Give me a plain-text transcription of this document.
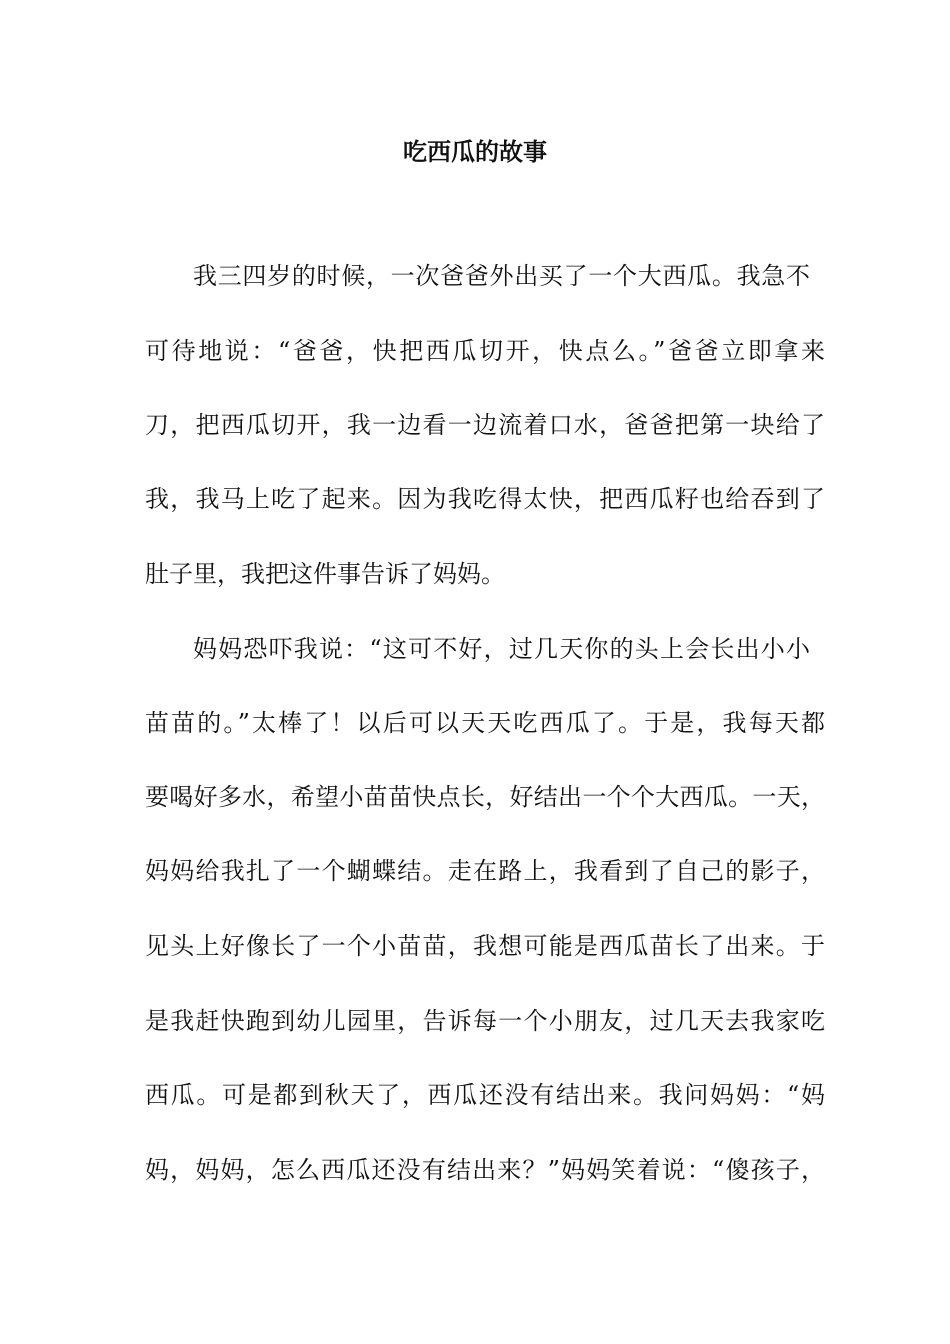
吃西瓜的故事
我三四岁的时候，一次爸爸外出买了一个大西瓜。我急不
可待地说：“爸爸，快把西瓜切开，快点么。”爸爸立即拿来
刀，把西瓜切开，我一边看一边流着口水，爸爸把第一块给了
我，我马上吃了起来。因为我吃得太快，把西瓜籽也给吞到了
肚子里，我把这件事告诉了妈妈。
妈妈恐吓我说：“这可不好，过几天你的头上会长出小小
苗苗的。”太棒了！以后可以天天吃西瓜了。于是，我每天都
要喝好多水，希望小苗苗快点长，好结出一个个大西瓜。一天，
妈妈给我扎了一个蝴蝶结。走在路上，我看到了自己的影子，
见头上好像长了一个小苗苗，我想可能是西瓜苗长了出来。于
是我赶快跑到幼儿园里，告诉每一个小朋友，过几天去我家吃
西瓜。可是都到秋天了，西瓜还没有结出来。我问妈妈：“妈
妈，妈妈，怎么西瓜还没有结出来？”妈妈笑着说：“傻孩子，
